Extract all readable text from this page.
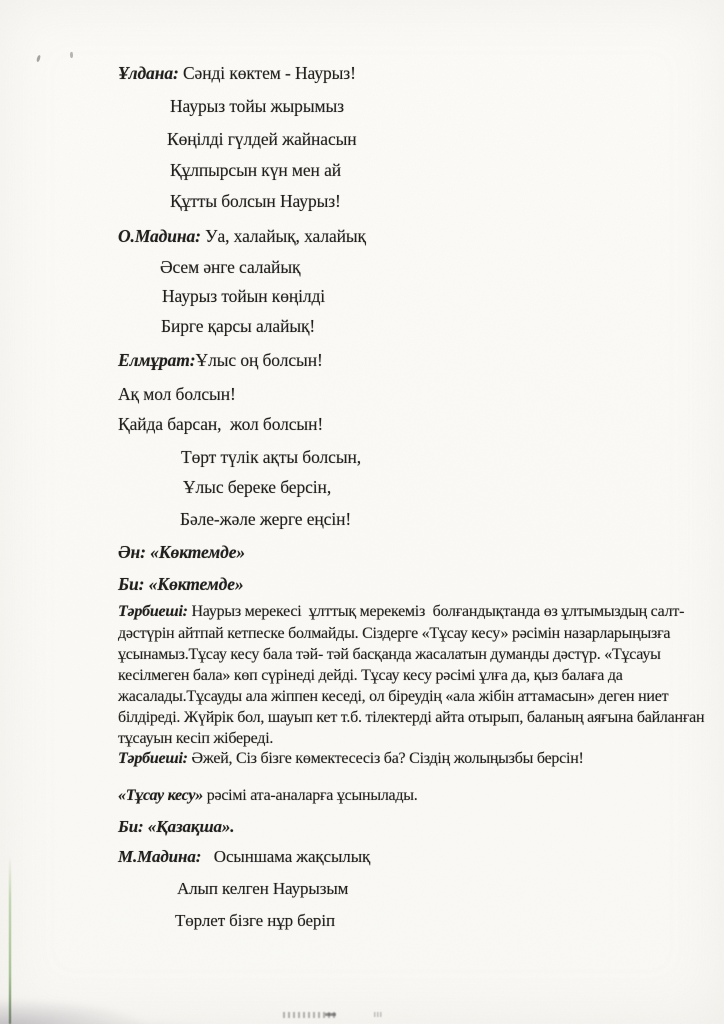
Ұлдана: Сәнді көктем - Наурыз!
Наурыз тойы жырымыз
Көңілді гүлдей жайнасын
Құлпырсын күн мен ай
Құтты болсын Наурыз!
О.Мадина: Уа, халайық, халайық
Әсем әнге салайық
Наурыз тойын көңілді
Бирге қарсы алайық!
Елмұрат:Ұлыс оң болсын!
Ақ мол болсын!
Қайда барсан,  жол болсын!
Төрт түлік ақты болсын,
Ұлыс береке берсін,
Бәле-жәле жерге еңсін!
Ән: «Көктемде»
Би: «Көктемде»
Тәрбиеші: Наурыз мерекесі  ұлттық мерекеміз  болғандықтанда өз ұлтымыздың салт-
дәстүрін айтпай кетпеске болмайды. Сіздерге «Тұсау кесу» рәсімін назарларыңызға
ұсынамыз.Тұсау кесу бала тәй- тәй басқанда жасалатын думанды дәстүр. «Тұсауы
кесілмеген бала» көп сүрінеді дейді. Тұсау кесу рәсімі ұлға да, қыз балаға да
жасалады.Тұсауды ала жіппен кеседі, ол біреудің «ала жібін аттамасын» деген ниет
білдіреді. Жүйрік бол, шауып кет т.б. тілектерді айта отырып, баланың аяғына байланған
тұсауын кесіп жібереді.
Тәрбиеші: Әжей, Сіз бізге көмектесесіз ба? Сіздің жолыңызбы берсін!
«Тұсау кесу» рәсімі ата-аналарға ұсынылады.
Би: «Қазақша».
М.Мадина:   Осыншама жақсылық
Алып келген Наурызым
Төрлет бізге нұр беріп
